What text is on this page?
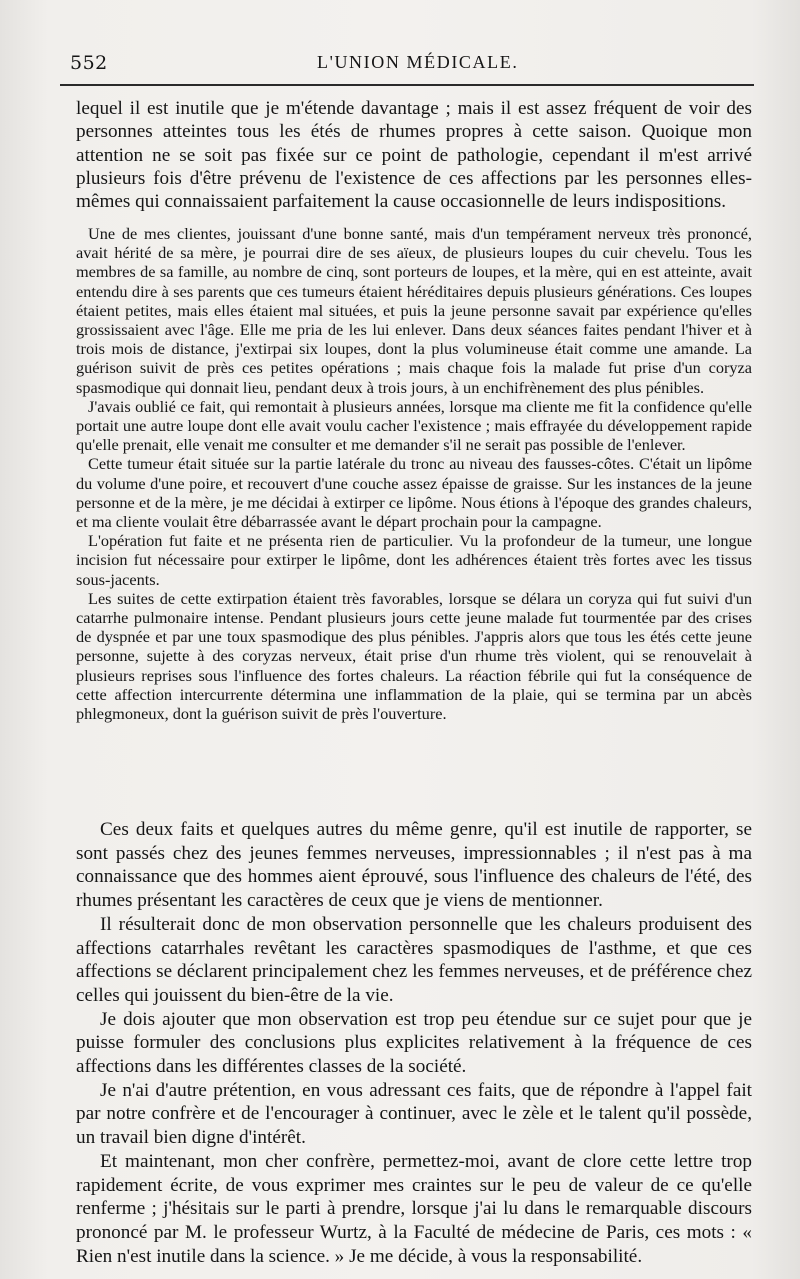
552	L'UNION MÉDICALE.

lequel il est inutile que je m'étende davantage ; mais il est assez fréquent de voir des personnes atteintes tous les étés de rhumes propres à cette saison. Quoique mon attention ne se soit pas fixée sur ce point de pathologie, cependant il m'est arrivé plusieurs fois d'être prévenu de l'existence de ces affections par les personnes elles-mêmes qui connaissaient parfaitement la cause occasionnelle de leurs indispositions.

Une de mes clientes, jouissant d'une bonne santé, mais d'un tempérament nerveux très prononcé, avait hérité de sa mère, je pourrai dire de ses aïeux, de plusieurs loupes du cuir chevelu. Tous les membres de sa famille, au nombre de cinq, sont porteurs de loupes, et la mère, qui en est atteinte, avait entendu dire à ses parents que ces tumeurs étaient héréditaires depuis plusieurs générations. Ces loupes étaient petites, mais elles étaient mal situées, et puis la jeune personne savait par expérience qu'elles grossissaient avec l'âge. Elle me pria de les lui enlever. Dans deux séances faites pendant l'hiver et à trois mois de distance, j'extirpai six loupes, dont la plus volumineuse était comme une amande. La guérison suivit de près ces petites opérations ; mais chaque fois la malade fut prise d'un coryza spasmodique qui donnait lieu, pendant deux à trois jours, à un enchifrènement des plus pénibles.

J'avais oublié ce fait, qui remontait à plusieurs années, lorsque ma cliente me fit la confidence qu'elle portait une autre loupe dont elle avait voulu cacher l'existence ; mais effrayée du développement rapide qu'elle prenait, elle venait me consulter et me demander s'il ne serait pas possible de l'enlever.

Cette tumeur était située sur la partie latérale du tronc au niveau des fausses-côtes. C'était un lipôme du volume d'une poire, et recouvert d'une couche assez épaisse de graisse. Sur les instances de la jeune personne et de la mère, je me décidai à extirper ce lipôme. Nous étions à l'époque des grandes chaleurs, et ma cliente voulait être débarrassée avant le départ prochain pour la campagne.

L'opération fut faite et ne présenta rien de particulier. Vu la profondeur de la tumeur, une longue incision fut nécessaire pour extirper le lipôme, dont les adhérences étaient très fortes avec les tissus sous-jacents.

Les suites de cette extirpation étaient très favorables, lorsque se délara un coryza qui fut suivi d'un catarrhe pulmonaire intense. Pendant plusieurs jours cette jeune malade fut tourmentée par des crises de dyspnée et par une toux spasmodique des plus pénibles. J'appris alors que tous les étés cette jeune personne, sujette à des coryzas nerveux, était prise d'un rhume très violent, qui se renouvelait à plusieurs reprises sous l'influence des fortes chaleurs. La réaction fébrile qui fut la conséquence de cette affection intercurrente détermina une inflammation de la plaie, qui se termina par un abcès phlegmoneux, dont la guérison suivit de près l'ouverture.

Ces deux faits et quelques autres du même genre, qu'il est inutile de rapporter, se sont passés chez des jeunes femmes nerveuses, impressionnables ; il n'est pas à ma connaissance que des hommes aient éprouvé, sous l'influence des chaleurs de l'été, des rhumes présentant les caractères de ceux que je viens de mentionner.

Il résulterait donc de mon observation personnelle que les chaleurs produisent des affections catarrhales revêtant les caractères spasmodiques de l'asthme, et que ces affections se déclarent principalement chez les femmes nerveuses, et de préférence chez celles qui jouissent du bien-être de la vie.

Je dois ajouter que mon observation est trop peu étendue sur ce sujet pour que je puisse formuler des conclusions plus explicites relativement à la fréquence de ces affections dans les différentes classes de la société.

Je n'ai d'autre prétention, en vous adressant ces faits, que de répondre à l'appel fait par notre confrère et de l'encourager à continuer, avec le zèle et le talent qu'il possède, un travail bien digne d'intérêt.

Et maintenant, mon cher confrère, permettez-moi, avant de clore cette lettre trop rapidement écrite, de vous exprimer mes craintes sur le peu de valeur de ce qu'elle renferme ; j'hésitais sur le parti à prendre, lorsque j'ai lu dans le remarquable discours prononcé par M. le professeur Wurtz, à la Faculté de médecine de Paris, ces mots : « Rien n'est inutile dans la science. » Je me décide, à vous la responsabilité.
